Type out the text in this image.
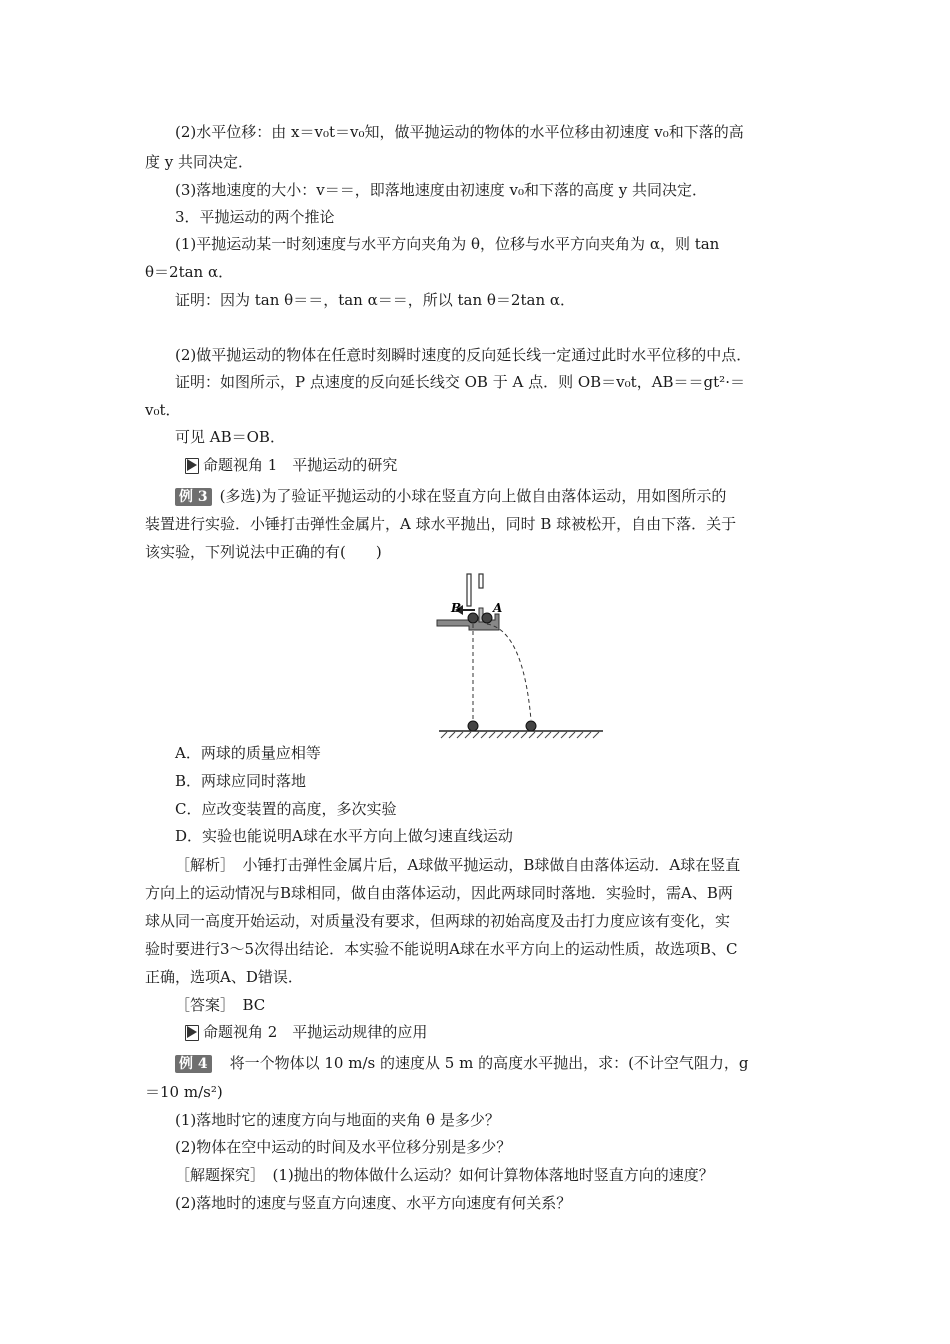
(2)水平位移：由 x＝v₀t＝v₀知，做平抛运动的物体的水平位移由初速度 v₀和下落的高
度 y 共同决定．
(3)落地速度的大小：v＝＝，即落地速度由初速度 v₀和下落的高度 y 共同决定．
3．平抛运动的两个推论
(1)平抛运动某一时刻速度与水平方向夹角为 θ，位移与水平方向夹角为 α，则 tan
θ＝2tan α．
证明：因为 tan θ＝＝，tan α＝＝，所以 tan θ＝2tan α．
(2)做平抛运动的物体在任意时刻瞬时速度的反向延长线一定通过此时水平位移的中点．
证明：如图所示，P 点速度的反向延长线交 OB 于 A 点．则 OB＝v₀t，AB＝＝gt²·＝
v₀t．
可见 AB＝OB．
命题视角 1　平抛运动的研究
例 3 (多选)为了验证平抛运动的小球在竖直方向上做自由落体运动，用如图所示的
装置进行实验．小锤打击弹性金属片，A 球水平抛出，同时 B 球被松开，自由下落．关于
该实验，下列说法中正确的有(　　)
B	A
A．两球的质量应相等
B．两球应同时落地
C．应改变装置的高度，多次实验
D．实验也能说明A球在水平方向上做匀速直线运动
［解析］　小锤打击弹性金属片后，A球做平抛运动，B球做自由落体运动．A球在竖直
方向上的运动情况与B球相同，做自由落体运动，因此两球同时落地．实验时，需A、B两
球从同一高度开始运动，对质量没有要求，但两球的初始高度及击打力度应该有变化，实
验时要进行3～5次得出结论．本实验不能说明A球在水平方向上的运动性质，故选项B、C
正确，选项A、D错误．
［答案］　BC
命题视角 2　平抛运动规律的应用
例 4 将一个物体以 10 m/s 的速度从 5 m 的高度水平抛出，求：(不计空气阻力，g
＝10 m/s²)
(1)落地时它的速度方向与地面的夹角 θ 是多少？
(2)物体在空中运动的时间及水平位移分别是多少？
［解题探究］　(1)抛出的物体做什么运动？如何计算物体落地时竖直方向的速度？
(2)落地时的速度与竖直方向速度、水平方向速度有何关系？
